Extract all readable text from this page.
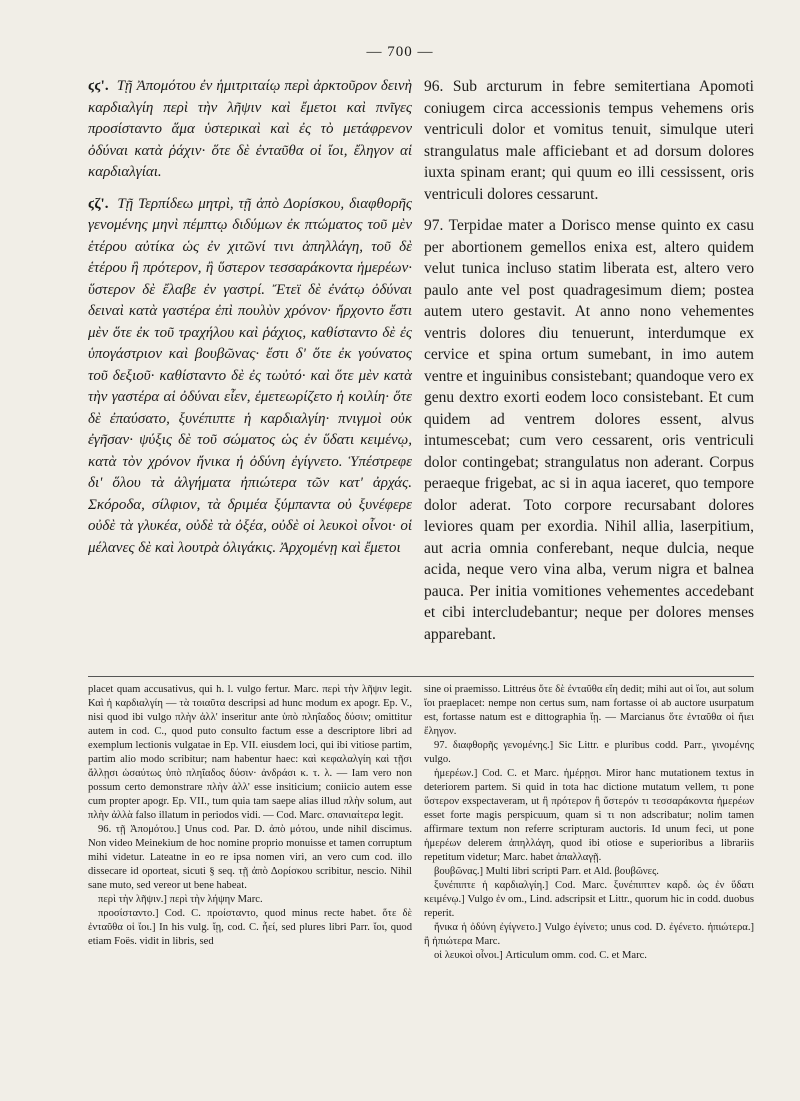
— 700 —

ϛϛ'. Τῇ Ἀπομότου ἐν ἡμιτριταίῳ περὶ ἀρκτοῦρον δεινὴ καρδιαλγίη περὶ τὴν λῆψιν καὶ ἔμετοι καὶ πνῖγες προσίσταντο ἅμα ὑστερικαὶ καὶ ἐς τὸ μετάφρενον ὀδύναι κατὰ ῥάχιν· ὅτε δὲ ἐνταῦθα οἱ ἴοι, ἔληγον αἱ καρδιαλγίαι.

ϛζ'. Τῇ Τερπίδεω μητρὶ, τῇ ἀπὸ Δορίσκου, διαφθορῆς γενομένης μηνὶ πέμπτῳ διδύμων ἐκ πτώματος τοῦ μὲν ἑτέρου αὐτίκα ὡς ἐν χιτῶνί τινι ἀπηλλάγη, τοῦ δὲ ἑτέρου ἢ πρότερον, ἢ ὕστερον τεσσαράκοντα ἡμερέων· ὕστερον δὲ ἔλαβε ἐν γαστρί. Ἔτεϊ δὲ ἐνάτῳ ὀδύναι δειναὶ κατὰ γαστέρα ἐπὶ πουλὺν χρόνον· ἤρχοντο ἔστι μὲν ὅτε ἐκ τοῦ τραχήλου καὶ ῥάχιος, καθίσταντο δὲ ἐς ὑπογάστριον καὶ βουβῶνας· ἔστι δ' ὅτε ἐκ γούνατος τοῦ δεξιοῦ· καθίσταντο δὲ ἐς τωὐτό· καὶ ὅτε μὲν κατὰ τὴν γαστέρα αἱ ὀδύναι εἶεν, ἐμετεωρίζετο ἡ κοιλίη· ὅτε δὲ ἐπαύσατο, ξυνέπιπτε ἡ καρδιαλγίη· πνιγμοὶ οὐκ ἐγῆσαν· ψύξις δὲ τοῦ σώματος ὡς ἐν ὕδατι κειμένῳ, κατὰ τὸν χρόνον ἤνικα ἡ ὀδύνη ἐγίγνετο. Ὑπέστρεφε δι' ὅλου τὰ ἀλγήματα ἠπιώτερα τῶν κατ' ἀρχάς. Σκόροδα, σίλφιον, τὰ δριμέα ξύμπαντα οὐ ξυνέφερε οὐδὲ τὰ γλυκέα, οὐδὲ τὰ ὀξέα, οὐδὲ οἱ λευκοὶ οἶνοι· οἱ μέλανες δὲ καὶ λουτρὰ ὀλιγάκις. Ἀρχομένῃ καὶ ἔμετοι

96. Sub arcturum in febre semitertiana Apomoti coniugem circa accessionis tempus vehemens oris ventriculi dolor et vomitus tenuit, simulque uteri strangulatus male afficiebant et ad dorsum dolores iuxta spinam erant; qui quum eo illi cessissent, oris ventriculi dolores cessarunt.

97. Terpidae mater a Dorisco mense quinto ex casu per abortionem gemellos enixa est, altero quidem velut tunica incluso statim liberata est, altero vero paulo ante vel post quadragesimum diem; postea autem utero gestavit. At anno nono vehementes ventris dolores diu tenuerunt, interdumque ex cervice et spina ortum sumebant, in imo autem ventre et inguinibus consistebant; quandoque vero ex genu dextro exorti eodem loco consistebant. Et cum quidem ad ventrem dolores essent, alvus intumescebat; cum vero cessarent, oris ventriculi dolor contingebat; strangulatus non aderant. Corpus peraeque frigebat, ac si in aqua iaceret, quo tempore dolor aderat. Toto corpore recursabant dolores leviores quam per exordia. Nihil allia, laserpitium, aut acria omnia conferebant, neque dulcia, neque acida, neque vero vina alba, verum nigra et balnea pauca. Per initia vomitiones vehementes accedebant et cibi intercludebantur; neque per dolores menses apparebant.

placet quam accusativus, qui h. l. vulgo fertur. Marc. περὶ τὴν λῆψιν legit. Καὶ ἡ καρδιαλγίη — τὰ τοιαῦτα descripsi ad hunc modum ex apogr. Ep. V., nisi quod ibi vulgo πλὴν ἀλλ' inseritur ante ὑπὸ πληΐαδος δύσιν; omittitur autem in cod. C., quod puto consulto factum esse a descriptore libri ad exemplum lectionis vulgatae in Ep. VII. eiusdem loci, qui ibi vitiose partim, partim alio modo scribitur; nam habentur haec: καὶ κεφαλαλγίη καὶ τῇσι ἄλλῃσι ὡσαύτως ὑπὸ πληΐαδος δύσιν· ἀνδράσι κ. τ. λ. — Iam vero non possum certo demonstrare πλὴν ἀλλ' esse insiticium; coniicio autem esse cum propter apogr. Ep. VII., tum quia tam saepe alias illud πλὴν solum, aut πλὴν ἀλλὰ falso illatum in periodos vidi. — Cod. Marc. σπανιαίτερα legit.

96. τῇ Ἀπομότου.] Unus cod. Par. D. ἀπὸ μότου, unde nihil discimus. Non video Meinekium de hoc nomine proprio monuisse et tamen corruptum mihi videtur. Lateatne in eo re ipsa nomen viri, an vero cum cod. illo dissecare id oporteat, sicuti § seq. τῇ ἀπὸ Δορίσκου scribitur, nescio. Nihil sane muto, sed vereor ut bene habeat.

περὶ τὴν λῆψιν.] περὶ τὴν λήψην Marc.

προσίσταντο.] Cod. C. προίσταντο, quod minus recte habet. ὅτε δὲ ἐνταῦθα οἱ ἴοι.] In his vulg. ἴῃ, cod. C. ἦεί, sed plures libri Parr. ἴοι, quod etiam Foës. vidit in libris, sed

sine οἱ praemisso. Littréus ὅτε δὲ ἐνταῦθα εἴη dedit; mihi aut οἱ ἴοι, aut solum ἴοι praeplacet: nempe non certus sum, nam fortasse οἱ ab auctore usurpatum est, fortasse natum est e dittographia ἴῃ. — Marcianus ὅτε ἐνταῦθα οἱ ἤιει ἔληγον.

97. διαφθορῆς γενομένης.] Sic Littr. e pluribus codd. Parr., γινομένης vulgo.

ἡμερέων.] Cod. C. et Marc. ἡμέρῃσι. Miror hanc mutationem textus in deteriorem partem. Si quid in tota hac dictione mutatum vellem, τι pone ὕστερον exspectaveram, ut ἢ πρότερον ἢ ὕστερόν τι τεσσαράκοντα ἡμερέων esset forte magis perspicuum, quam si τι non adscribatur; nolim tamen affirmare textum non referre scripturam auctoris. Id unum feci, ut pone ἡμερέων delerem ἀπηλλάγη, quod ibi otiose e superioribus a librariis repetitum videtur; Marc. habet ἀπαλλαγῇ.

βουβῶνας.] Multi libri scripti Parr. et Ald. βουβῶνες.

ξυνέπιπτε ἡ καρδιαλγίη.] Cod. Marc. ξυνέπιπτεν καρδ. ὡς ἐν ὕδατι κειμένῳ.] Vulgo ἐν om., Lind. adscripsit et Littr., quorum hic in codd. duobus reperit.

ἤνικα ἡ ὀδύνη ἐγίγνετο.] Vulgo ἐγίνετο; unus cod. D. ἐγένετο. ἠπιώτερα.] ἢ ἠπιώτερα Marc.

οἱ λευκοὶ οἶνοι.] Articulum omm. cod. C. et Marc.
